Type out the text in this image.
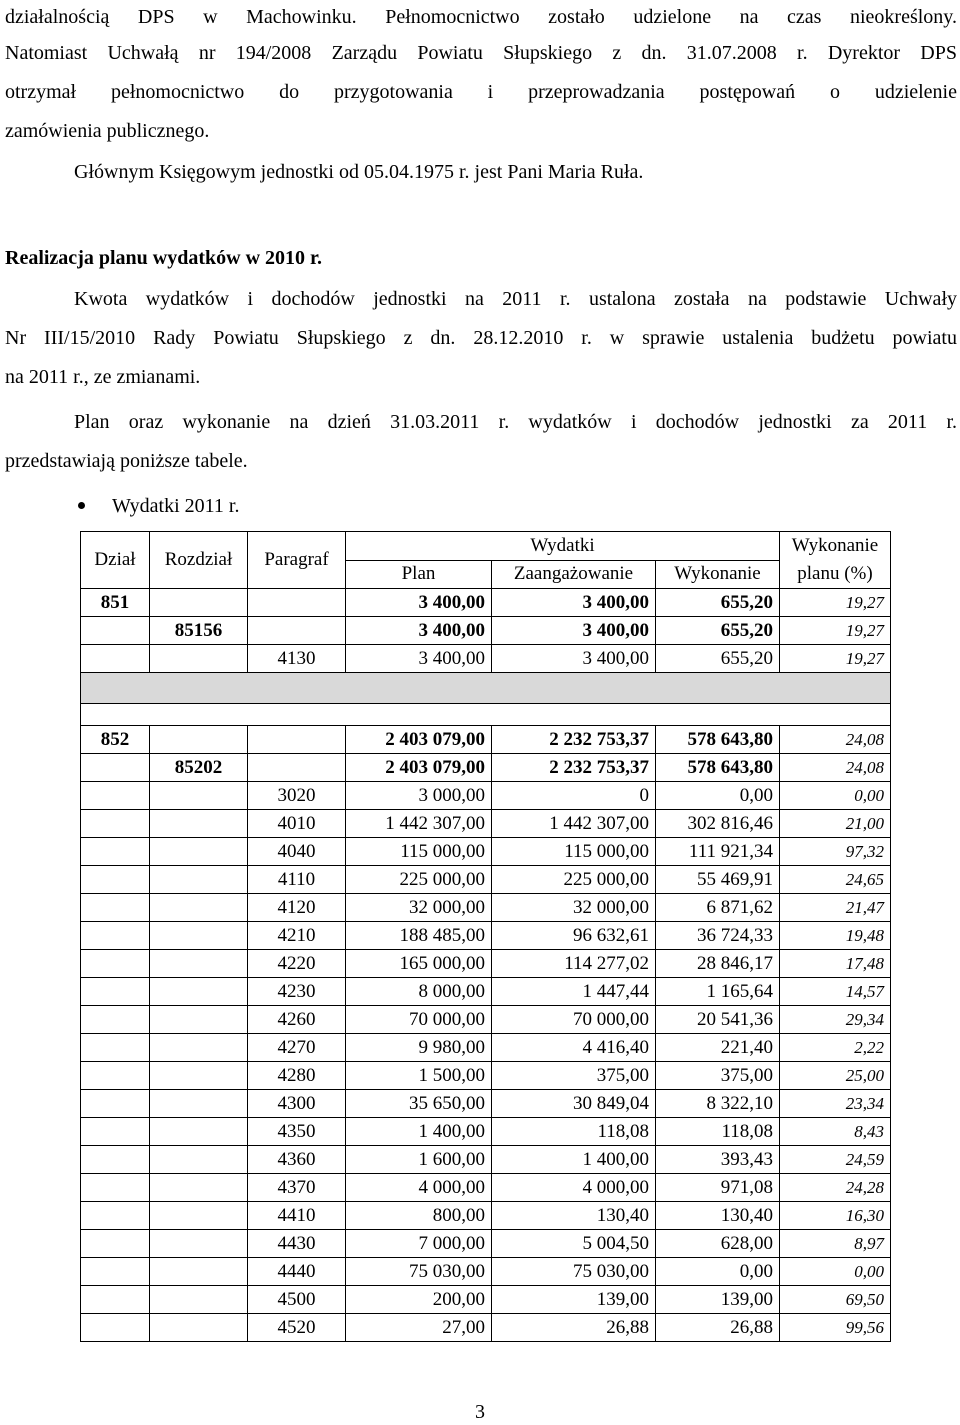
działalnością DPS w Machowinku. Pełnomocnictwo zostało udzielone na czas nieokreślony.

Natomiast Uchwałą nr 194/2008 Zarządu Powiatu Słupskiego z dn. 31.07.2008 r. Dyrektor DPS

otrzymał pełnomocnictwo do przygotowania i przeprowadzania postępowań o udzielenie

zamówienia publicznego.

Głównym Księgowym jednostki od 05.04.1975 r. jest Pani Maria Ruła.

Realizacja planu wydatków w 2010 r.

Kwota wydatków i dochodów jednostki na 2011 r. ustalona została na podstawie Uchwały

Nr III/15/2010 Rady Powiatu Słupskiego z dn. 28.12.2010 r. w sprawie ustalenia budżetu powiatu

na 2011 r., ze zmianami.

Plan oraz wykonanie na dzień 31.03.2011 r. wydatków i dochodów jednostki za 2011 r.

przedstawiają poniższe tabele.

Wydatki 2011 r.
Dział	Rozdział	Paragraf	Wydatki			Wykonanie planu (%)
			Plan	Zaangażowanie	Wykonanie	
851			3 400,00	3 400,00	655,20	19,27
	85156		3 400,00	3 400,00	655,20	19,27
		4130	3 400,00	3 400,00	655,20	19,27

852			2 403 079,00	2 232 753,37	578 643,80	24,08
	85202		2 403 079,00	2 232 753,37	578 643,80	24,08
		3020	3 000,00	0	0,00	0,00
		4010	1 442 307,00	1 442 307,00	302 816,46	21,00
		4040	115 000,00	115 000,00	111 921,34	97,32
		4110	225 000,00	225 000,00	55 469,91	24,65
		4120	32 000,00	32 000,00	6 871,62	21,47
		4210	188 485,00	96 632,61	36 724,33	19,48
		4220	165 000,00	114 277,02	28 846,17	17,48
		4230	8 000,00	1 447,44	1 165,64	14,57
		4260	70 000,00	70 000,00	20 541,36	29,34
		4270	9 980,00	4 416,40	221,40	2,22
		4280	1 500,00	375,00	375,00	25,00
		4300	35 650,00	30 849,04	8 322,10	23,34
		4350	1 400,00	118,08	118,08	8,43
		4360	1 600,00	1 400,00	393,43	24,59
		4370	4 000,00	4 000,00	971,08	24,28
		4410	800,00	130,40	130,40	16,30
		4430	7 000,00	5 004,50	628,00	8,97
		4440	75 030,00	75 030,00	0,00	0,00
		4500	200,00	139,00	139,00	69,50
		4520	27,00	26,88	26,88	99,56
3
